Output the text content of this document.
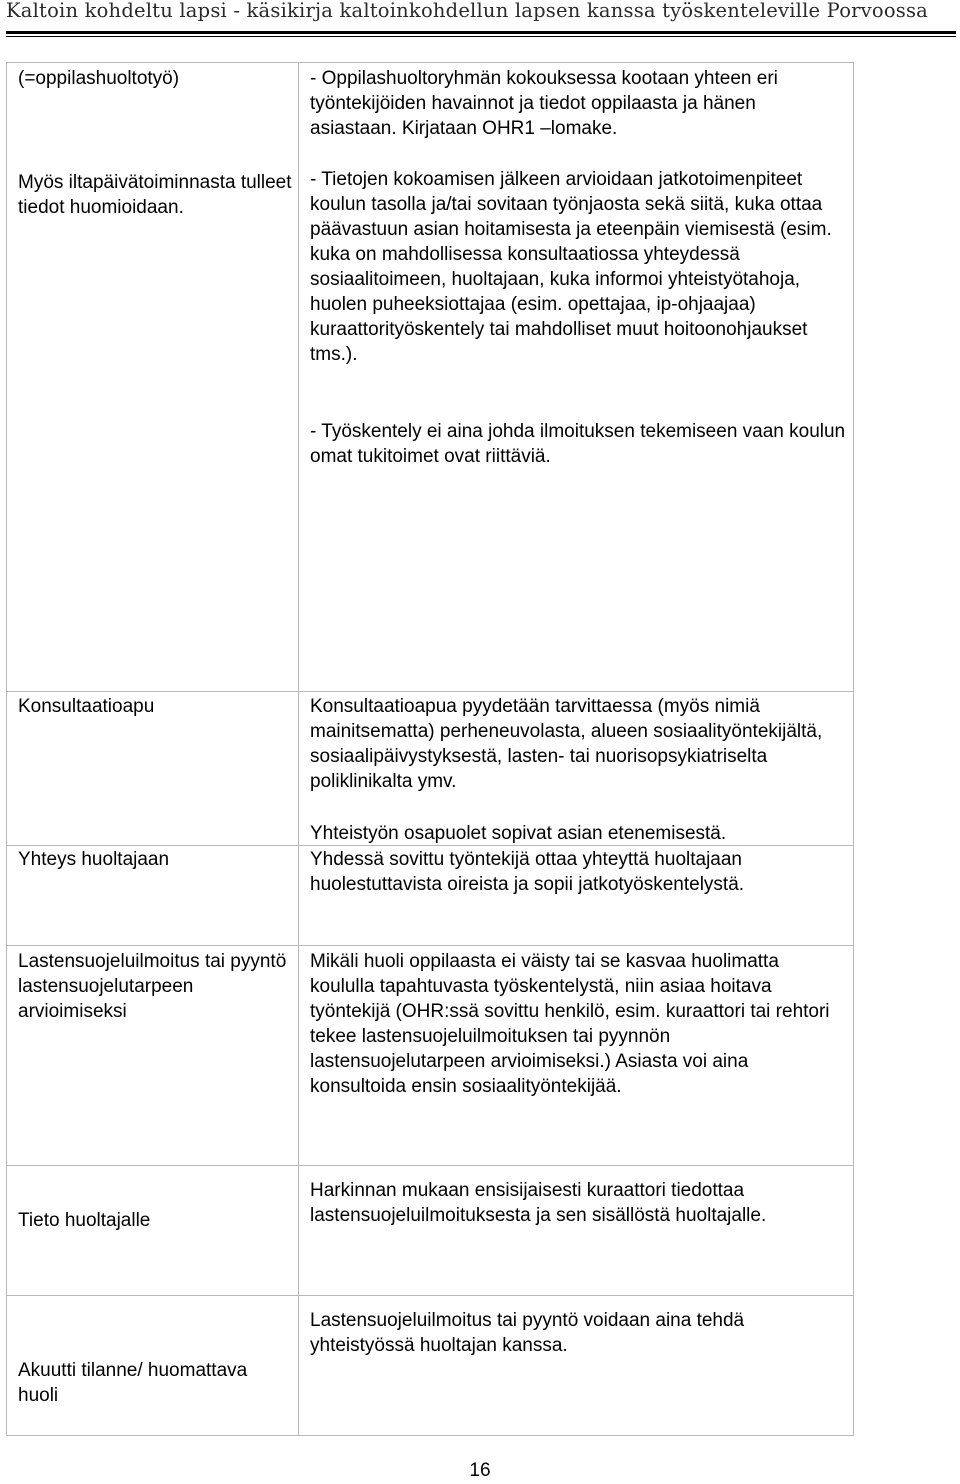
Kaltoin kohdeltu lapsi - käsikirja kaltoinkohdellun lapsen kanssa työskenteleville Porvoossa
(=oppilashuoltotyö)
Myös iltapäivätoiminnasta tulleet tiedot huomioidaan.
- Oppilashuoltoryhmän kokouksessa kootaan yhteen eri työntekijöiden havainnot ja tiedot oppilaasta ja hänen asiastaan. Kirjataan OHR1 –lomake.
- Tietojen kokoamisen jälkeen arvioidaan jatkotoimenpiteet koulun tasolla ja/tai sovitaan työnjaosta sekä siitä, kuka ottaa päävastuun asian hoitamisesta ja eteenpäin viemisestä (esim. kuka on mahdollisessa konsultaatiossa yhteydessä sosiaalitoimeen, huoltajaan, kuka informoi yhteistyötahoja, huolen puheeksiottajaa (esim. opettajaa, ip-ohjaajaa) kuraattorityöskentely tai mahdolliset muut hoitoonohjaukset tms.).
- Työskentely ei aina johda ilmoituksen tekemiseen vaan koulun omat tukitoimet ovat riittäviä.
Konsultaatioapu	Konsultaatioapua pyydetään tarvittaessa (myös nimiä mainitsematta) perheneuvolasta, alueen sosiaalityöntekijältä, sosiaalipäivystyksestä, lasten- tai nuorisopsykiatriselta poliklinikalta ymv.
Yhteistyön osapuolet sopivat asian etenemisestä.
Yhteys huoltajaan	Yhdessä sovittu työntekijä ottaa yhteyttä huoltajaan huolestuttavista oireista ja sopii jatkotyöskentelystä.
Lastensuojeluilmoitus tai pyyntö lastensuojelutarpeen arvioimiseksi
Mikäli huoli oppilaasta ei väisty tai se kasvaa huolimatta koululla tapahtuvasta työskentelystä, niin asiaa hoitava työntekijä (OHR:ssä sovittu henkilö, esim. kuraattori tai rehtori tekee lastensuojeluilmoituksen tai pyynnön lastensuojelutarpeen arvioimiseksi.) Asiasta voi aina konsultoida ensin sosiaalityöntekijää.
Tieto huoltajalle
Harkinnan mukaan ensisijaisesti kuraattori tiedottaa lastensuojeluilmoituksesta ja sen sisällöstä huoltajalle.
Akuutti tilanne/ huomattava huoli
Lastensuojeluilmoitus tai pyyntö voidaan aina tehdä yhteistyössä huoltajan kanssa.
16
